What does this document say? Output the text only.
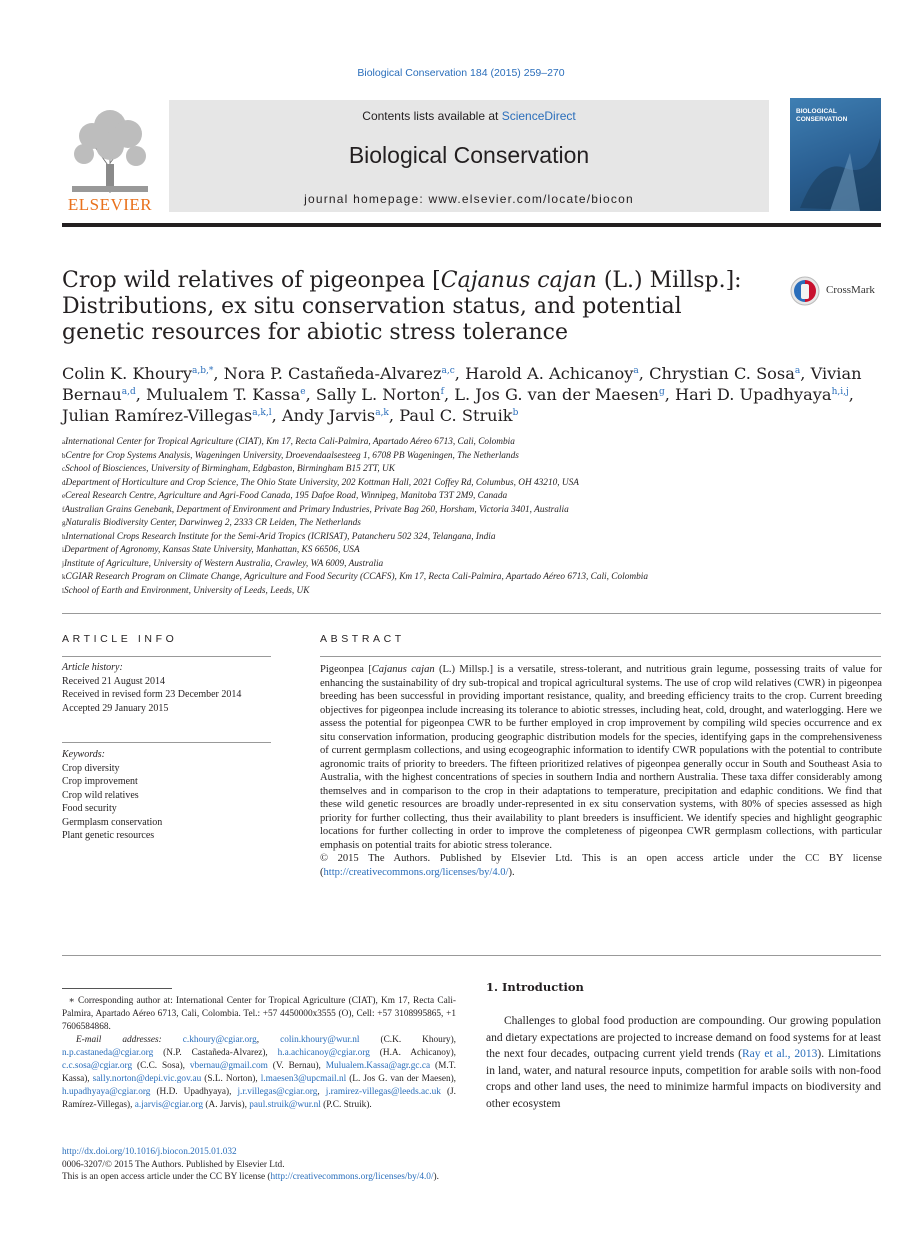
Biological Conservation 184 (2015) 259–270
ELSEVIER
Contents lists available at ScienceDirect
Biological Conservation
journal homepage: www.elsevier.com/locate/biocon
BIOLOGICAL
CONSERVATION
Crop wild relatives of pigeonpea [Cajanus cajan (L.) Millsp.]: Distributions, ex situ conservation status, and potential genetic resources for abiotic stress tolerance
CrossMark
Colin K. Khoury$^{a,b,*}$, Nora P. Castañeda-Alvarez$^{a,c}$, Harold A. Achicanoy$^a$, Chrystian C. Sosa$^a$, Vivian Bernau$^{a,d}$, Mulualem T. Kassa$^e$, Sally L. Norton$^f$, L. Jos G. van der Maesen$^g$, Hari D. Upadhyaya$^{h,i,j}$, Julian Ramírez-Villegas$^{a,k,l}$, Andy Jarvis$^{a,k}$, Paul C. Struik$^b$
$^a$International Center for Tropical Agriculture (CIAT), Km 17, Recta Cali-Palmira, Apartado Aéreo 6713, Cali, Colombia
$^b$Centre for Crop Systems Analysis, Wageningen University, Droevendaalsesteeg 1, 6708 PB Wageningen, The Netherlands
$^c$School of Biosciences, University of Birmingham, Edgbaston, Birmingham B15 2TT, UK
$^d$Department of Horticulture and Crop Science, The Ohio State University, 202 Kottman Hall, 2021 Coffey Rd, Columbus, OH 43210, USA
$^e$Cereal Research Centre, Agriculture and Agri-Food Canada, 195 Dafoe Road, Winnipeg, Manitoba T3T 2M9, Canada
$^f$Australian Grains Genebank, Department of Environment and Primary Industries, Private Bag 260, Horsham, Victoria 3401, Australia
$^g$Naturalis Biodiversity Center, Darwinweg 2, 2333 CR Leiden, The Netherlands
$^h$International Crops Research Institute for the Semi-Arid Tropics (ICRISAT), Patancheru 502 324, Telangana, India
$^i$Department of Agronomy, Kansas State University, Manhattan, KS 66506, USA
$^j$Institute of Agriculture, University of Western Australia, Crawley, WA 6009, Australia
$^k$CGIAR Research Program on Climate Change, Agriculture and Food Security (CCAFS), Km 17, Recta Cali-Palmira, Apartado Aéreo 6713, Cali, Colombia
$^l$School of Earth and Environment, University of Leeds, Leeds, UK
ARTICLE INFO
Article history:
Received 21 August 2014
Received in revised form 23 December 2014
Accepted 29 January 2015
Keywords:
Crop diversity
Crop improvement
Crop wild relatives
Food security
Germplasm conservation
Plant genetic resources
ABSTRACT
Pigeonpea [Cajanus cajan (L.) Millsp.] is a versatile, stress-tolerant, and nutritious grain legume, possessing traits of value for enhancing the sustainability of dry sub-tropical and tropical agricultural systems. The use of crop wild relatives (CWR) in pigeonpea breeding has been successful in providing important resistance, quality, and breeding efficiency traits to the crop. Current breeding objectives for pigeonpea include increasing its tolerance to abiotic stresses, including heat, cold, drought, and waterlogging. Here we assess the potential for pigeonpea CWR to be further employed in crop improvement by compiling wild species occurrence and ex situ conservation information, producing geographic distribution models for the species, identifying gaps in the comprehensiveness of current germplasm collections, and using ecogeographic information to identify CWR populations with the potential to contribute agronomic traits of priority to breeders. The fifteen prioritized relatives of pigeonpea generally occur in South and Southeast Asia to Australia, with the highest concentrations of species in southern India and northern Australia. These taxa differ considerably among themselves and in comparison to the crop in their adaptations to temperature, precipitation and edaphic conditions. We find that these wild genetic resources are broadly under-represented in ex situ conservation systems, with 80% of species assessed as high priority for further collecting, thus their availability to plant breeders is insufficient. We identify species and highlight geographic locations for further collecting in order to improve the completeness of pigeonpea CWR germplasm collections, with particular emphasis on potential traits for abiotic stress tolerance.
© 2015 The Authors. Published by Elsevier Ltd. This is an open access article under the CC BY license (http://creativecommons.org/licenses/by/4.0/).
1. Introduction
Challenges to global food production are compounding. Our growing population and dietary expectations are projected to increase demand on food systems for at least the next four decades, outpacing current yield trends (Ray et al., 2013). Limitations in land, water, and natural resource inputs, competition for arable soils with non-food crops and other land uses, the need to minimize harmful impacts on biodiversity and other ecosystem
∗ Corresponding author at: International Center for Tropical Agriculture (CIAT), Km 17, Recta Cali-Palmira, Apartado Aéreo 6713, Cali, Colombia. Tel.: +57 4450000x3555 (O), Cell: +57 3108995865, +1 7606584868.
E-mail addresses: c.khoury@cgiar.org, colin.khoury@wur.nl (C.K. Khoury), n.p.castaneda@cgiar.org (N.P. Castañeda-Alvarez), h.a.achicanoy@cgiar.org (H.A. Achicanoy), c.c.sosa@cgiar.org (C.C. Sosa), vbernau@gmail.com (V. Bernau), Mulualem.Kassa@agr.gc.ca (M.T. Kassa), sally.norton@depi.vic.gov.au (S.L. Norton), l.maesen3@upcmail.nl (L. Jos G. van der Maesen), h.upadhyaya@cgiar.org (H.D. Upadhyaya), j.r.villegas@cgiar.org, j.ramirez-villegas@leeds.ac.uk (J. Ramírez-Villegas), a.jarvis@cgiar.org (A. Jarvis), paul.struik@wur.nl (P.C. Struik).
http://dx.doi.org/10.1016/j.biocon.2015.01.032
0006-3207/© 2015 The Authors. Published by Elsevier Ltd.
This is an open access article under the CC BY license (http://creativecommons.org/licenses/by/4.0/).
